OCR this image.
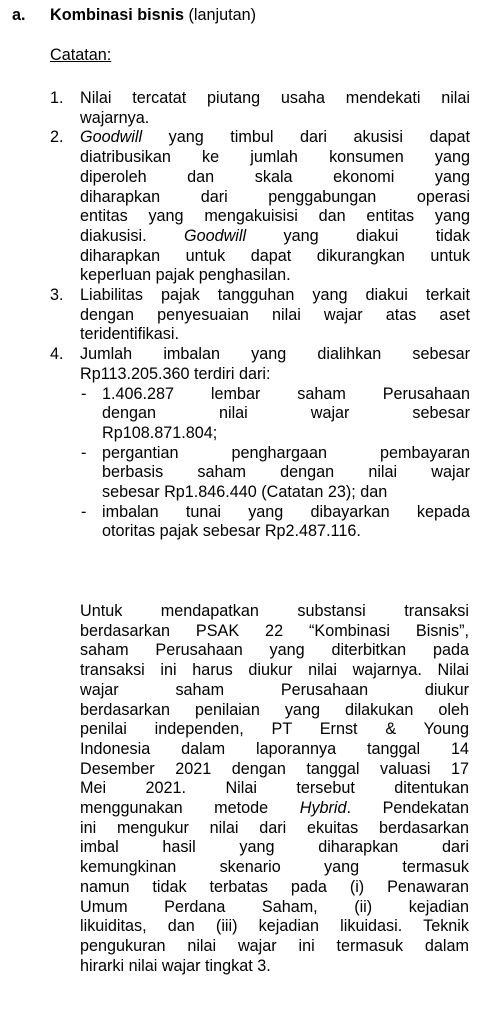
a. Kombinasi bisnis (lanjutan)
Catatan:
1. Nilai tercatat piutang usaha mendekati nilai
wajarnya.
2. Goodwill yang timbul dari akusisi dapat
diatribusikan ke jumlah konsumen yang
diperoleh dan skala ekonomi yang
diharapkan dari penggabungan operasi
entitas yang mengakuisisi dan entitas yang
diakusisi. Goodwill yang diakui tidak
diharapkan untuk dapat dikurangkan untuk
keperluan pajak penghasilan.
3. Liabilitas pajak tangguhan yang diakui terkait
dengan penyesuaian nilai wajar atas aset
teridentifikasi.
4. Jumlah imbalan yang dialihkan sebesar
Rp113.205.360 terdiri dari:
- 1.406.287 lembar saham Perusahaan
dengan nilai wajar sebesar
Rp108.871.804;
- pergantian penghargaan pembayaran
berbasis saham dengan nilai wajar
sebesar Rp1.846.440 (Catatan 23); dan
- imbalan tunai yang dibayarkan kepada
otoritas pajak sebesar Rp2.487.116.
Untuk mendapatkan substansi transaksi
berdasarkan PSAK 22 “Kombinasi Bisnis”,
saham Perusahaan yang diterbitkan pada
transaksi ini harus diukur nilai wajarnya. Nilai
wajar saham Perusahaan diukur
berdasarkan penilaian yang dilakukan oleh
penilai independen, PT Ernst & Young
Indonesia dalam laporannya tanggal 14
Desember 2021 dengan tanggal valuasi 17
Mei 2021. Nilai tersebut ditentukan
menggunakan metode Hybrid. Pendekatan
ini mengukur nilai dari ekuitas berdasarkan
imbal hasil yang diharapkan dari
kemungkinan skenario yang termasuk
namun tidak terbatas pada (i) Penawaran
Umum Perdana Saham, (ii) kejadian
likuiditas, dan (iii) kejadian likuidasi. Teknik
pengukuran nilai wajar ini termasuk dalam
hirarki nilai wajar tingkat 3.
